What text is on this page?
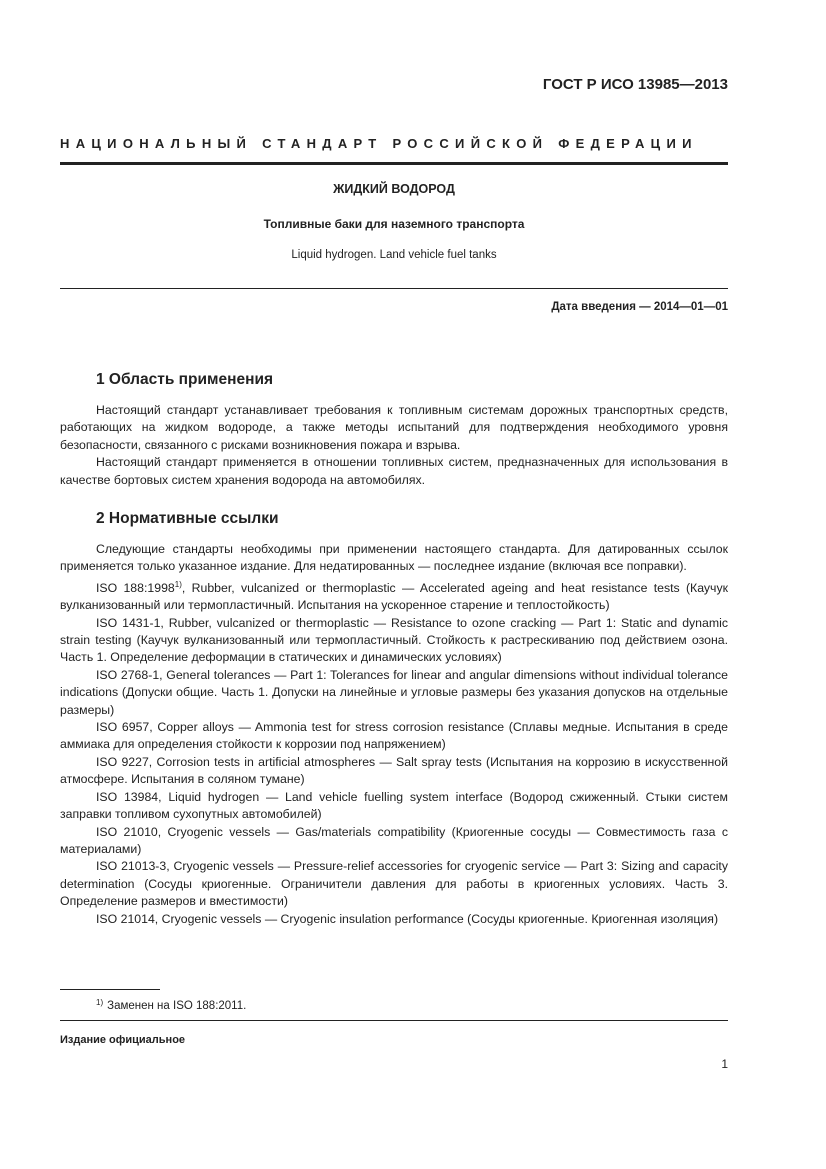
ГОСТ Р ИСО 13985—2013
НАЦИОНАЛЬНЫЙ СТАНДАРТ РОССИЙСКОЙ ФЕДЕРАЦИИ
ЖИДКИЙ ВОДОРОД
Топливные баки для наземного транспорта
Liquid hydrogen. Land vehicle fuel tanks
Дата введения — 2014—01—01
1 Область применения

Настоящий стандарт устанавливает требования к топливным системам дорожных транспортных средств, работающих на жидком водороде, а также методы испытаний для подтверждения необходимого уровня безопасности, связанного с рисками возникновения пожара и взрыва.

Настоящий стандарт применяется в отношении топливных систем, предназначенных для использования в качестве бортовых систем хранения водорода на автомобилях.

2 Нормативные ссылки

Следующие стандарты необходимы при применении настоящего стандарта. Для датированных ссылок применяется только указанное издание. Для недатированных — последнее издание (включая все поправки).

ISO 188:1998$^{1)}$, Rubber, vulcanized or thermoplastic — Accelerated ageing and heat resistance tests (Каучук вулканизованный или термопластичный. Испытания на ускоренное старение и теплостойкость)

ISO 1431-1, Rubber, vulcanized or thermoplastic — Resistance to ozone cracking — Part 1: Static and dynamic strain testing (Каучук вулканизованный или термопластичный. Стойкость к растрескиванию под действием озона. Часть 1. Определение деформации в статических и динамических условиях)

ISO 2768-1, General tolerances — Part 1: Tolerances for linear and angular dimensions without individual tolerance indications (Допуски общие. Часть 1. Допуски на линейные и угловые размеры без указания допусков на отдельные размеры)

ISO 6957, Copper alloys — Ammonia test for stress corrosion resistance (Сплавы медные. Испытания в среде аммиака для определения стойкости к коррозии под напряжением)

ISO 9227, Corrosion tests in artificial atmospheres — Salt spray tests (Испытания на коррозию в искусственной атмосфере. Испытания в соляном тумане)

ISO 13984, Liquid hydrogen — Land vehicle fuelling system interface (Водород сжиженный. Стыки систем заправки топливом сухопутных автомобилей)

ISO 21010, Cryogenic vessels — Gas/materials compatibility (Криогенные сосуды — Совместимость газа с материалами)

ISO 21013-3, Cryogenic vessels — Pressure-relief accessories for cryogenic service — Part 3: Sizing and capacity determination (Сосуды криогенные. Ограничители давления для работы в криогенных условиях. Часть 3. Определение размеров и вместимости)

ISO 21014, Cryogenic vessels — Cryogenic insulation performance (Сосуды криогенные. Криогенная изоляция)

$^{1)}$ Заменен на ISO 188:2011.
Издание официальное
1
